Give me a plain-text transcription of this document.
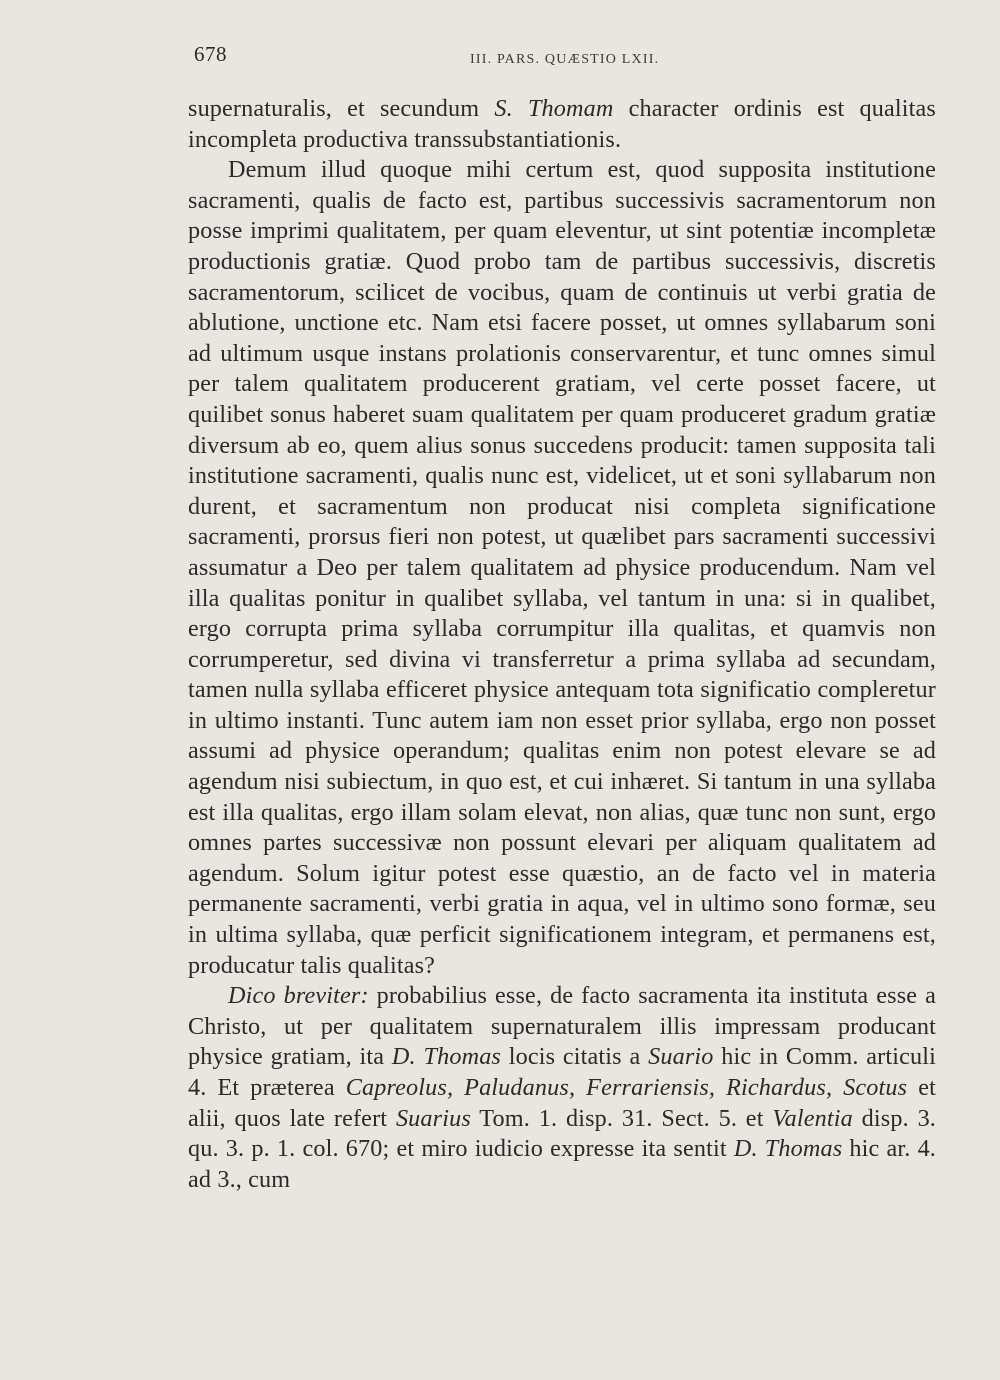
678	III. PARS. QUÆSTIO LXII.

supernaturalis, et secundum S. Thomam character ordinis est qualitas incompleta productiva transsubstantiationis.

Demum illud quoque mihi certum est, quod supposita institutione sacramenti, qualis de facto est, partibus successivis sacramentorum non posse imprimi qualitatem, per quam eleventur, ut sint potentiæ incompletæ productionis gratiæ. Quod probo tam de partibus successivis, discretis sacramentorum, scilicet de vocibus, quam de continuis ut verbi gratia de ablutione, unctione etc. Nam etsi facere posset, ut omnes syllabarum soni ad ultimum usque instans prolationis conservarentur, et tunc omnes simul per talem qualitatem producerent gratiam, vel certe posset facere, ut quilibet sonus haberet suam qualitatem per quam produceret gradum gratiæ diversum ab eo, quem alius sonus succedens producit: tamen supposita tali institutione sacramenti, qualis nunc est, videlicet, ut et soni syllabarum non durent, et sacramentum non producat nisi completa significatione sacramenti, prorsus fieri non potest, ut quælibet pars sacramenti successivi assumatur a Deo per talem qualitatem ad physice producendum. Nam vel illa qualitas ponitur in qualibet syllaba, vel tantum in una: si in qualibet, ergo corrupta prima syllaba corrumpitur illa qualitas, et quamvis non corrumperetur, sed divina vi transferretur a prima syllaba ad secundam, tamen nulla syllaba efficeret physice antequam tota significatio compleretur in ultimo instanti. Tunc autem iam non esset prior syllaba, ergo non posset assumi ad physice operandum; qualitas enim non potest elevare se ad agendum nisi subiectum, in quo est, et cui inhæret. Si tantum in una syllaba est illa qualitas, ergo illam solam elevat, non alias, quæ tunc non sunt, ergo omnes partes successivæ non possunt elevari per aliquam qualitatem ad agendum. Solum igitur potest esse quæstio, an de facto vel in materia permanente sacramenti, verbi gratia in aqua, vel in ultimo sono formæ, seu in ultima syllaba, quæ perficit significationem integram, et permanens est, producatur talis qualitas?

Dico breviter: probabilius esse, de facto sacramenta ita instituta esse a Christo, ut per qualitatem supernaturalem illis impressam producant physice gratiam, ita D. Thomas locis citatis a Suario hic in Comm. articuli 4. Et præterea Capreolus, Paludanus, Ferrariensis, Richardus, Scotus et alii, quos late refert Suarius Tom. 1. disp. 31. Sect. 5. et Valentia disp. 3. qu. 3. p. 1. col. 670; et miro iudicio expresse ita sentit D. Thomas hic ar. 4. ad 3., cum
